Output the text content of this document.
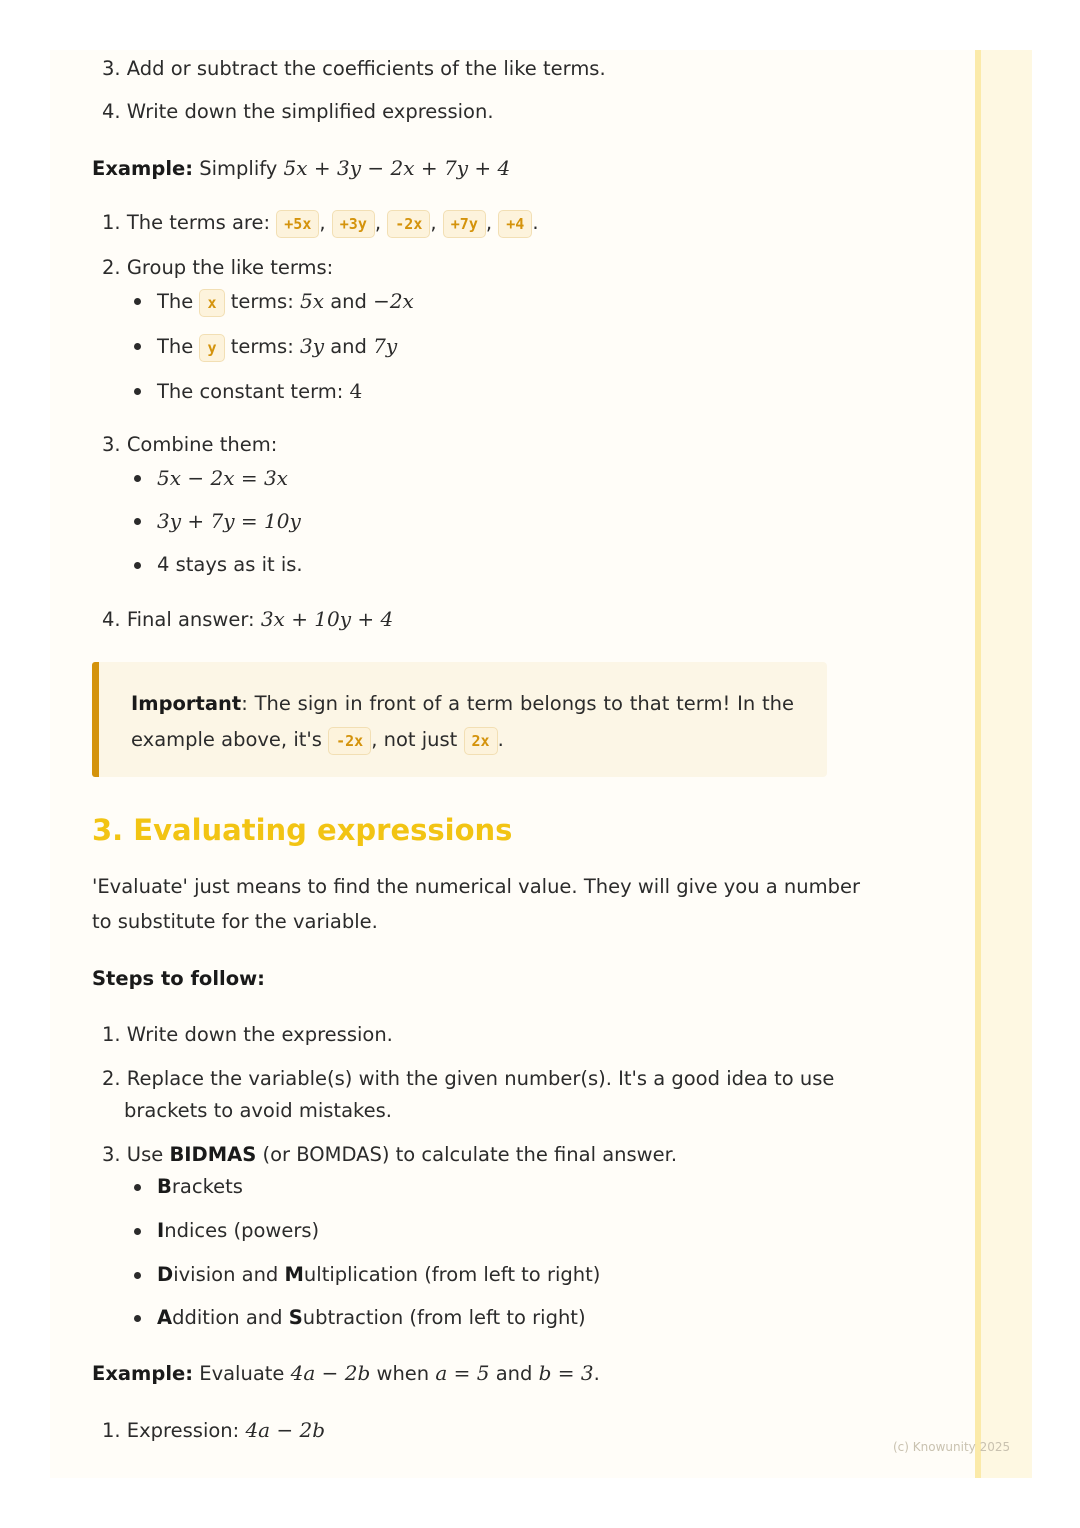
3. Add or subtract the coefficients of the like terms.
4. Write down the simplified expression.
Example: Simplify 5x + 3y − 2x + 7y + 4
1. The terms are: +5x , +3y , -2x , +7y , +4 .
2. Group the like terms:
The x terms: 5x and −2x
The y terms: 3y and 7y
The constant term: 4
3. Combine them:
5x − 2x = 3x
3y + 7y = 10y
4 stays as it is.
4. Final answer: 3x + 10y + 4
Important: The sign in front of a term belongs to that term! In the example above, it's -2x , not just 2x .
3. Evaluating expressions
'Evaluate' just means to find the numerical value. They will give you a number
to substitute for the variable.
Steps to follow:
1. Write down the expression.
2. Replace the variable(s) with the given number(s). It's a good idea to use
brackets to avoid mistakes.
3. Use BIDMAS (or BOMDAS) to calculate the final answer.
Brackets
Indices (powers)
Division and Multiplication (from left to right)
Addition and Subtraction (from left to right)
Example: Evaluate 4a − 2b when a = 5 and b = 3.
1. Expression: 4a − 2b
(c) Knowunity 2025
